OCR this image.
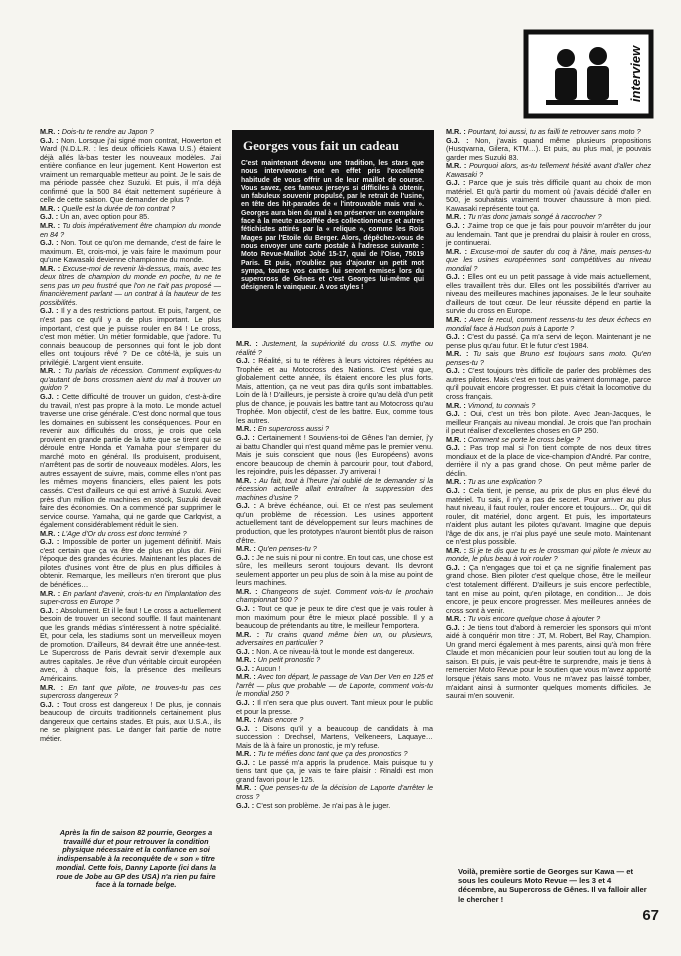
interview
Georges vous fait un cadeau
C'est maintenant devenu une tradition, les stars que nous interviewons ont en effet pris l'excellente habitude de vous offrir un de leur maillot de course. Vous savez, ces fameux jerseys si difficiles à obtenir, un fabuleux souvenir propulsé, par le retrait de l'usine, en tête des hit-parades de « l'introuvable mais vrai ». Georges aura bien du mal à en préserver un exemplaire face à la meute assoiffée des collectionneurs et autres fétichistes attirés par la « relique », comme les Rois Mages par l'Etoile du Berger. Alors, dépêchez-vous de nous envoyer une carte postale à l'adresse suivante : Moto Revue-Maillot Jobé 15-17, quai de l'Oise, 75019 Paris. Et puis, n'oubliez pas d'ajouter un petit mot sympa, toutes vos cartes lui seront remises lors du supercross de Gênes et c'est Georges lui-même qui désignera le vainqueur. A vos styles !

M.R. : Dois-tu te rendre au Japon ?

G.J. : Non. Lorsque j'ai signé mon contrat, Howerton et Ward (N.D.L.R. : les deux officiels Kawa U.S.) étaient déjà allés là-bas tester les nouveaux modèles. J'ai entière confiance en leur jugement. Kent Howerton est vraiment un remarquable metteur au point. Je le sais de ma période passée chez Suzuki. Et puis, il m'a déjà confirmé que la 500 84 était nettement supérieure à celle de cette saison. Que demander de plus ?

M.R. : Quelle est la durée de ton contrat ?

G.J. : Un an, avec option pour 85.

M.R. : Tu dois impérativement être champion du monde en 84 ?

G.J. : Non. Tout ce qu'on me demande, c'est de faire le maximum. Et, crois-moi, je vais faire le maximum pour qu'une Kawasaki devienne championne du monde.

M.R. : Excuse-moi de revenir là-dessus, mais, avec tes deux titres de champion du monde en poche, tu ne te sens pas un peu frustré que l'on ne t'ait pas proposé — financièrement parlant — un contrat à la hauteur de tes possibilités.

G.J. : Il y a des restrictions partout. Et puis, l'argent, ce n'est pas ce qu'il y a de plus important. Le plus important, c'est que je puisse rouler en 84 ! Le cross, c'est mon métier. Un métier formidable, que j'adore. Tu connais beaucoup de personnes qui font le job dont elles ont toujours rêvé ? De ce côté-là, je suis un privilégié. L'argent vient ensuite.

M.R. : Tu parlais de récession. Comment expliques-tu qu'autant de bons crossmen aient du mal à trouver un guidon ?

G.J. : Cette difficulté de trouver un guidon, c'est-à-dire du travail, n'est pas propre à la moto. Le monde actuel traverse une crise générale. C'est donc normal que tous les domaines en subissent les conséquences. Pour en revenir aux difficultés du cross, je crois que cela provient en grande partie de la lutte que se tirent qui se déroule entre Honda et Yamaha pour s'emparer du marché moto en général. Ils produisent, produisent, n'arrêtent pas de sortir de nouveaux modèles. Alors, les autres essayent de suivre, mais, comme elles n'ont pas les mêmes moyens financiers, elles paient les pots cassés. C'est d'ailleurs ce qui est arrivé à Suzuki. Avec près d'un million de machines en stock, Suzuki devait faire des économies. On a commencé par supprimer le service course. Yamaha, qui ne garde que Carlqvist, a également considérablement réduit le sien.

M.R. : L'Age d'Or du cross est donc terminé ?

G.J. : Impossible de porter un jugement définitif. Mais c'est certain que ça va être de plus en plus dur. Fini l'époque des grandes écuries. Maintenant les places de pilotes d'usines vont être de plus en plus difficiles à obtenir. Remarque, les meilleurs n'en tireront que plus de bénéfices…

M.R. : En parlant d'avenir, crois-tu en l'implantation des super-cross en Europe ?

G.J. : Absolument. Et il le faut ! Le cross a actuellement besoin de trouver un second souffle. Il faut maintenant que les grands médias s'intéressent à notre spécialité. Et, pour cela, les stadiums sont un merveilleux moyen de promotion. D'ailleurs, 84 devrait être une année-test. Le Supercross de Paris devrait servir d'exemple aux autres capitales. Je rêve d'un véritable circuit européen avec, à chaque fois, la présence des meilleurs Américains.

M.R. : En tant que pilote, ne trouves-tu pas ces supercross dangereux ?

G.J. : Tout cross est dangereux ! De plus, je connais beaucoup de circuits traditionnels certainement plus dangereux que certains stades. Et puis, aux U.S.A., ils ne se plaignent pas. Le danger fait partie de notre métier.

Après la fin de saison 82 pourrie, Georges a travaillé dur et pour retrouver la condition physique nécessaire et la confiance en soi indispensable à la reconquête de « son » titre mondial. Cette fois, Danny Laporte (ici dans la roue de Jobe au GP des USA) n'a rien pu faire face à la tornade belge.

M.R. : Justement, la supériorité du cross U.S. mythe ou réalité ?

G.J. : Réalité, si tu te réfères à leurs victoires répétées au Trophée et au Motocross des Nations. C'est vrai que, globalement cette année, ils étaient encore les plus forts. Mais, attention, ça ne veut pas dira qu'ils sont imbattables. Loin de là ! D'ailleurs, je persiste à croire qu'au delà d'un petit plus de chance, je pouvais les battre tant au Motocross qu'au Trophée. Mon objectif, c'est de les battre. Eux, comme tous les autres.

M.R. : En supercross aussi ?

G.J. : Certainement ! Souviens-toi de Gênes l'an dernier, j'y ai battu Chandler qui n'est quand même pas le premier venu. Mais je suis conscient que nous (les Européens) avons encore beaucoup de chemin à parcourir pour, tout d'abord, les rejoindre, puis les dépasser. J'y arriverai !

M.R. : Au fait, tout à l'heure j'ai oublié de te demander si la récession actuelle allait entraîner la suppression des machines d'usine ?

G.J. : A brève échéance, oui. Et ce n'est pas seulement qu'un problème de récession. Les usines apportent actuellement tant de développement sur leurs machines de production, que les prototypes n'auront bientôt plus de raison d'être.

M.R. : Qu'en penses-tu ?

G.J. : Je ne suis ni pour ni contre. En tout cas, une chose est sûre, les meilleurs seront toujours devant. Ils devront seulement apporter un peu plus de soin à la mise au point de leurs machines.

M.R. : Changeons de sujet. Comment vois-tu le prochain championnat 500 ?

G.J. : Tout ce que je peux te dire c'est que je vais rouler à mon maximum pour être le mieux placé possible. Il y a beaucoup de prétendants au titre, le meilleur l'emportera.

M.R. : Tu crains quand même bien un, ou plusieurs, adversaires en particulier ?

G.J. : Non. A ce niveau-là tout le monde est dangereux.

M.R. : Un petit pronostic ?

G.J. : Aucun !

M.R. : Avec ton départ, le passage de Van Der Ven en 125 et l'arrêt — plus que probable — de Laporte, comment vois-tu le mondial 250 ?

G.J. : Il n'en sera que plus ouvert. Tant mieux pour le public et pour la presse.

M.R. : Mais encore ?

G.J. : Disons qu'il y a beaucoup de candidats à ma succession : Drechsel, Martens, Velkeneers, Laquaye… Mais de là à faire un pronostic, je m'y refuse.

M.R. : Tu te méfies donc tant que ça des pronostics ?

G.J. : Le passé m'a appris la prudence. Mais puisque tu y tiens tant que ça, je vais te faire plaisir : Rinaldi est mon grand favori pour le 125.

M.R. : Que penses-tu de la décision de Laporte d'arrêter le cross ?

G.J. : C'est son problème. Je n'ai pas à le juger.

M.R. : Pourtant, toi aussi, tu as failli te retrouver sans moto ?

G.J. : Non, j'avais quand même plusieurs propositions (Husqvarna, Gilera, KTM…). Et puis, au plus mal, je pouvais garder mes Suzuki 83.

M.R. : Pourquoi alors, as-tu tellement hésité avant d'aller chez Kawasaki ?

G.J. : Parce que je suis très difficile quant au choix de mon matériel. Et qu'à partir du moment où j'avais décidé d'aller en 500, je souhaitais vraiment trouver chaussure à mon pied. Kawasaki représente tout ça.

M.R. : Tu n'as donc jamais songé à raccrocher ?

G.J. : J'aime trop ce que je fais pour pouvoir m'arrêter du jour au lendemain. Tant que je prendrai du plaisir à rouler en cross, je continuerai.

M.R. : Excuse-moi de sauter du coq à l'âne, mais penses-tu que les usines européennes sont compétitives au niveau mondial ?

G.J. : Elles ont eu un petit passage à vide mais actuellement, elles travaillent très dur. Elles ont les possibilités d'arriver au niveau des meilleures machines japonaises. Je le leur souhaite d'ailleurs de tout cœur. De leur réussite dépend en partie la survie du cross en Europe.

M.R. : Avec le recul, comment ressens-tu tes deux échecs en mondial face à Hudson puis à Laporte ?

G.J. : C'est du passé. Ça m'a servi de leçon. Maintenant je ne pense plus qu'au futur. Et le futur c'est 1984.

M.R. : Tu sais que Bruno est toujours sans moto. Qu'en penses-tu ?

G.J. : C'est toujours très difficile de parler des problèmes des autres pilotes. Mais c'est en tout cas vraiment dommage, parce qu'il pouvait encore progresser. Et puis c'était la locomotive du cross français.

M.R. : Vimond, tu connais ?

G.J. : Oui, c'est un très bon pilote. Avec Jean-Jacques, le meilleur Français au niveau mondial. Je crois que l'an prochain il peut réaliser d'excellentes choses en GP 250.

M.R. : Comment se porte le cross belge ?

G.J. : Pas trop mal si l'on tient compte de nos deux titres mondiaux et de la place de vice-champion d'André. Par contre, derrière il n'y a pas grand chose. On peut même parler de déclin.

M.R. : Tu as une explication ?

G.J. : Cela tient, je pense, au prix de plus en plus élevé du matériel. Tu sais, il n'y a pas de secret. Pour arriver au plus haut niveau, il faut rouler, rouler encore et toujours… Or, qui dit rouler, dit matériel, donc argent. Et puis, les importateurs n'aident plus autant les pilotes qu'avant. Imagine que depuis l'âge de dix ans, je n'ai plus payé une seule moto. Maintenant ce n'est plus possible.

M.R. : Si je te dis que tu es le crossman qui pilote le mieux au monde, le plus beau à voir rouler ?

G.J. : Ça n'engages que toi et ça ne signifie finalement pas grand chose. Bien piloter c'est quelque chose, être le meilleur c'est totalement différent. D'ailleurs je suis encore perfectible, tant en mise au point, qu'en pilotage, en condition… Je dois encore, je peux encore progresser. Mes meilleures années de cross sont à venir.

M.R. : Tu vois encore quelque chose à ajouter ?

G.J. : Je tiens tout d'abord à remercier les sponsors qui m'ont aidé à conquérir mon titre : JT, M. Robert, Bel Ray, Champion. Un grand merci également à mes parents, ainsi qu'à mon frère Claude et mon mécanicien pour leur soutien tout au long de la saison. Et puis, je vais peut-être te surprendre, mais je tiens à remercier Moto Revue pour le soutien que vous m'avez apporté lorsque j'étais sans moto. Vous ne m'avez pas laissé tomber, m'aidant ainsi à surmonter quelques moments difficiles. Je saurai m'en souvenir.

Voilà, première sortie de Georges sur Kawa — et sous les couleurs Moto Revue — les 3 et 4 décembre, au Supercross de Gênes. Il va falloir aller le chercher !
67
